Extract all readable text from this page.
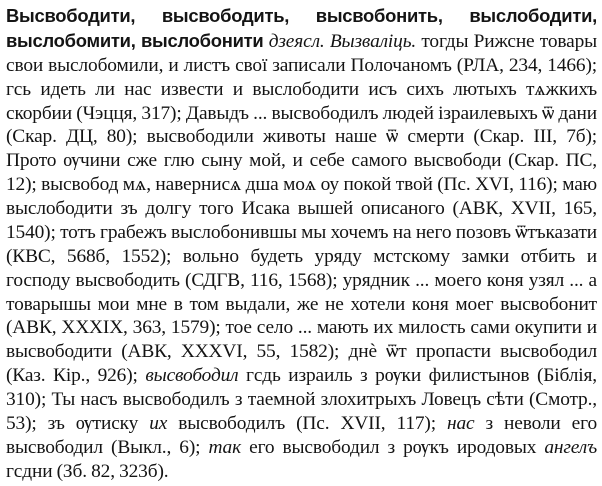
Высвободити, высвободить, высвобонить, выслободити, выслобомити, выслобонити дзеясл. Вызваліць. тогды Рижсне товары свои выслобомили, и листъ свої записали Полочаномъ (РЛА, 234, 1466); гсь идеть ли нас извести и выслободити исъ сихъ лютыхъ тѧжкихъ скорбии (Чэцця, 317); Давыдъ ... высвободилъ людей ізраилевыхъ ѿ дани (Скар. ДЦ, 80); высвободили животы наше ѿ смерти (Скар. III, 7б); Прото ѹчини сже глю сыну мой, и себе самого высвободи (Скар. ПС, 12); высвобод мѧ, навернисѧ дша моѧ оу покой твой (Пс. XVI, 116); маю выслободити зъ долгу того Исака вышей описаного (АВК, XVII, 165, 1540); тотъ грабежъ выслобонившы мы хочемъ на него позовъ ѿтъказати (КВС, 568б, 1552); вольно будеть уряду мстскому замки отбить и господу высвободить (СДГВ, 116, 1568); урядник ... моего коня узял ... а товарышы мои мне в том выдали, же не хотели коня моег высвобонит (АВК, XXXIX, 363, 1579); тое село ... мають их милость сами окупити и высвободити (АВК, XXXVI, 55, 1582); днѐ ѿт пропасти высвободил (Каз. Кір., 926); высвободил гсдь израиль з рѹки филистынов (Біблія, 310); Ты насъ высвободилъ з таемной злохитрыхъ Ловецъ сѣти (Смотр., 53); зъ ѹтиску их высвободилъ (Пс. XVII, 117); нас з неволи его высвободил (Выкл., 6); так его высвободил з рѹкъ иродовых ангелъ гсдни (Зб. 82, 323б).
